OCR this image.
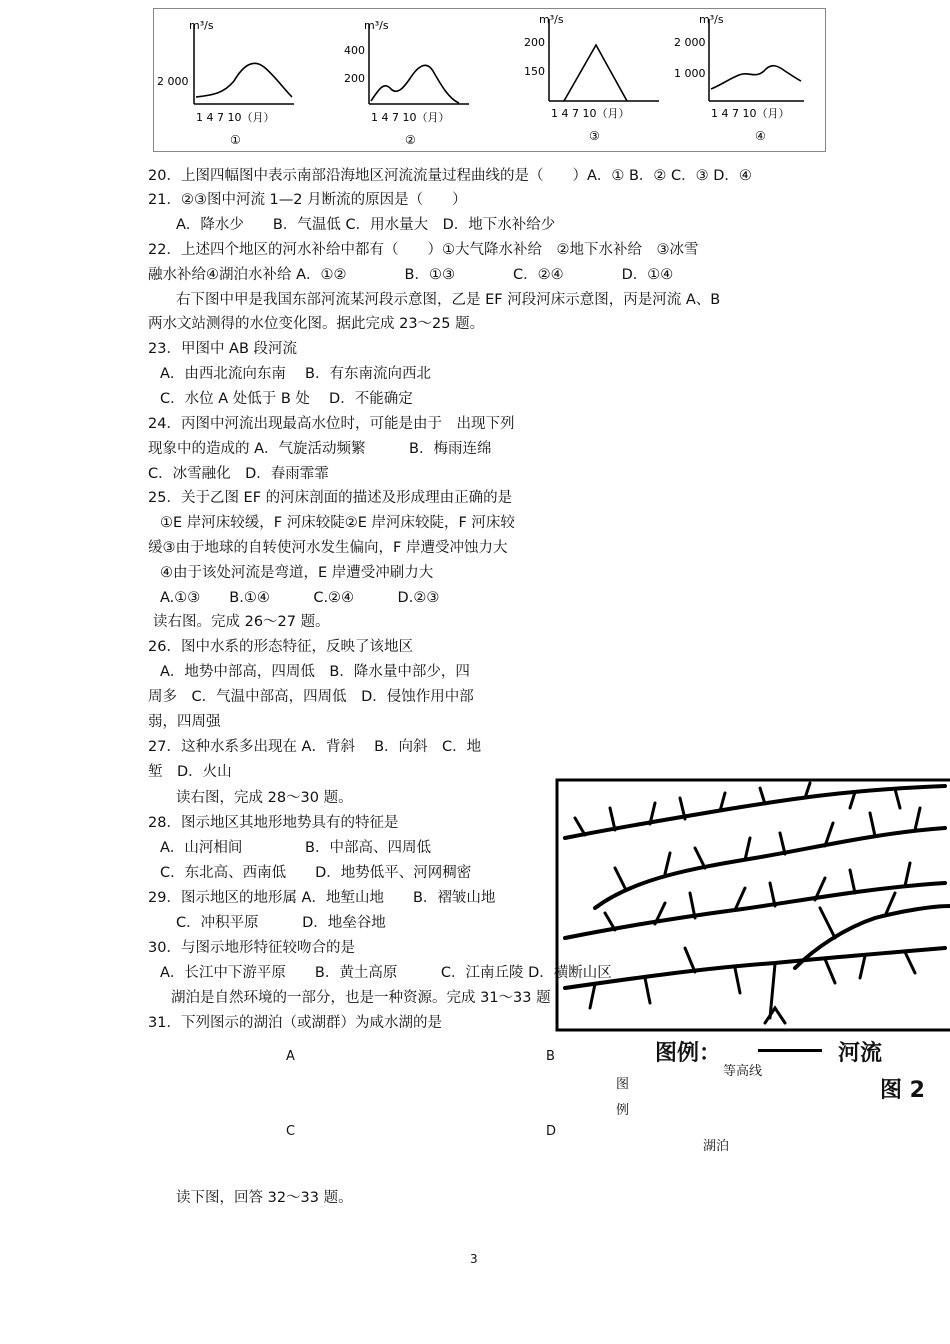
m³/s
2 000
1 4 7 10（月）
①
m³/s
400
200
1 4 7 10（月）
②
m³/s
200
150
1 4 7 10（月）
③
m³/s
2 000
1 000
1 4 7 10（月）
④
20．上图四幅图中表示南部沿海地区河流流量过程曲线的是（　　）A．① B．② C．③ D．④
21．②③图中河流 1—2 月断流的原因是（　　）
A．降水少　　B．气温低 C．用水量大　D．地下水补给少
22．上述四个地区的河水补给中都有（　　）①大气降水补给　②地下水补给　③冰雪
融水补给④湖泊水补给 A．①②　　　　B．①③　　　　C．②④　　　　D．①④
右下图中甲是我国东部河流某河段示意图，乙是 EF 河段河床示意图，丙是河流 A、B
两水文站测得的水位变化图。据此完成 23～25 题。
23．甲图中 AB 段河流
A．由西北流向东南　 B．有东南流向西北
C．水位 A 处低于 B 处　 D．不能确定
24．丙图中河流出现最高水位时，可能是由于　出现下列
现象中的造成的 A．气旋活动频繁　　　B．梅雨连绵
C．冰雪融化　D．春雨霏霏
25．关于乙图 EF 的河床剖面的描述及形成理由正确的是
①E 岸河床较缓，F 河床较陡②E 岸河床较陡，F 河床较
缓③由于地球的自转使河水发生偏向，F 岸遭受冲蚀力大
④由于该处河流是弯道，E 岸遭受冲刷力大
A.①③　　B.①④　　　C.②④　　　D.②③
读右图。完成 26～27 题。
26．图中水系的形态特征，反映了该地区
A．地势中部高，四周低　B．降水量中部少，四
周多　C．气温中部高，四周低　D．侵蚀作用中部
弱，四周强
27．这种水系多出现在 A．背斜　 B．向斜　C．地
堑　D．火山
读右图，完成 28～30 题。
28．图示地区其地形地势具有的特征是
A．山河相间　　　　 B．中部高、四周低
C．东北高、西南低　　D．地势低平、河网稠密
29．图示地区的地形属 A．地堑山地　　B．褶皱山地
C．冲积平原　　　D．地垒谷地
30．与图示地形特征较吻合的是
A．长江中下游平原　　B．黄土高原　　　C．江南丘陵 D．横断山区
图例：	河流
图 2
湖泊是自然环境的一部分，也是一种资源。完成 31～33 题
31．下列图示的湖泊（或湖群）为咸水湖的是
A	B
C	D
图
例
等高线
湖泊
读下图，回答 32～33 题。
3
